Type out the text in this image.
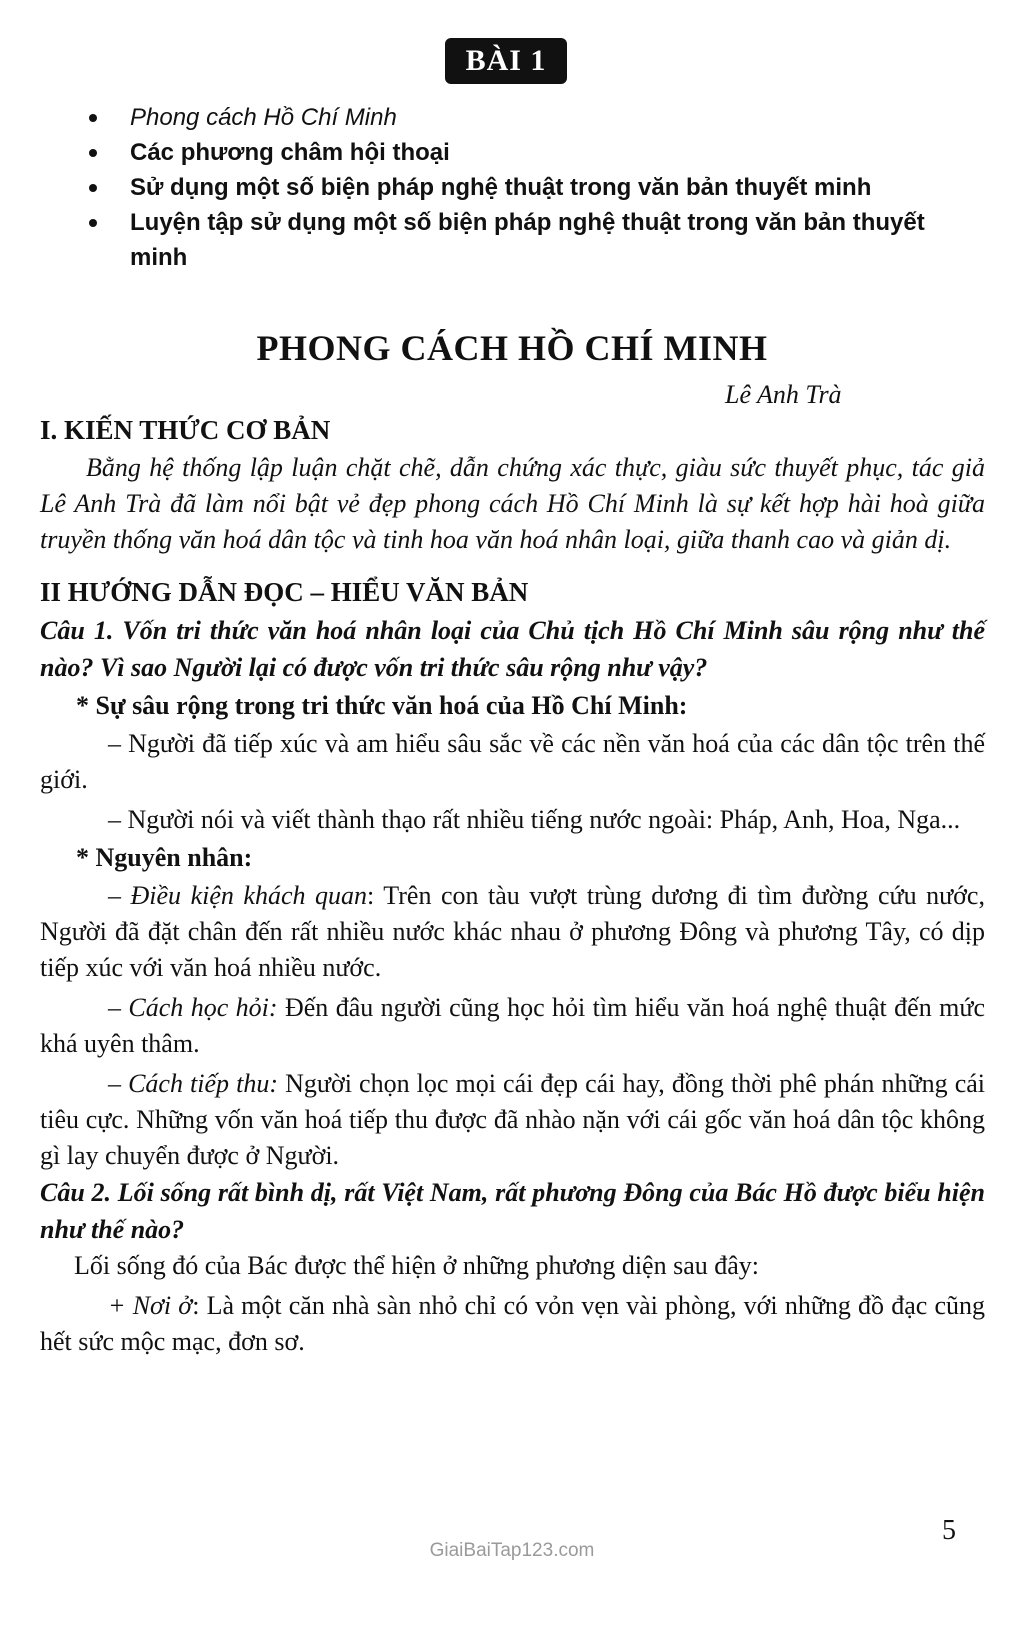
BÀI 1
Phong cách Hồ Chí Minh
Các phương châm hội thoại
Sử dụng một số biện pháp nghệ thuật trong văn bản thuyết minh
Luyện tập sử dụng một số biện pháp nghệ thuật trong văn bản thuyết minh
PHONG CÁCH HỒ CHÍ MINH
Lê Anh Trà

I. KIẾN THỨC CƠ BẢN

Bằng hệ thống lập luận chặt chẽ, dẫn chứng xác thực, giàu sức thuyết phục, tác giả Lê Anh Trà đã làm nổi bật vẻ đẹp phong cách Hồ Chí Minh là sự kết hợp hài hoà giữa truyền thống văn hoá dân tộc và tinh hoa văn hoá nhân loại, giữa thanh cao và giản dị.

II HƯỚNG DẪN ĐỌC – HIỂU VĂN BẢN

Câu 1. Vốn tri thức văn hoá nhân loại của Chủ tịch Hồ Chí Minh sâu rộng như thế nào? Vì sao Người lại có được vốn tri thức sâu rộng như vậy?

* Sự sâu rộng trong tri thức văn hoá của Hồ Chí Minh:

– Người đã tiếp xúc và am hiểu sâu sắc về các nền văn hoá của các dân tộc trên thế giới.

– Người nói và viết thành thạo rất nhiều tiếng nước ngoài: Pháp, Anh, Hoa, Nga...

* Nguyên nhân:

– Điều kiện khách quan: Trên con tàu vượt trùng dương đi tìm đường cứu nước, Người đã đặt chân đến rất nhiều nước khác nhau ở phương Đông và phương Tây, có dịp tiếp xúc với văn hoá nhiều nước.

– Cách học hỏi: Đến đâu người cũng học hỏi tìm hiểu văn hoá nghệ thuật đến mức khá uyên thâm.

– Cách tiếp thu: Người chọn lọc mọi cái đẹp cái hay, đồng thời phê phán những cái tiêu cực. Những vốn văn hoá tiếp thu được đã nhào nặn với cái gốc văn hoá dân tộc không gì lay chuyển được ở Người.

Câu 2. Lối sống rất bình dị, rất Việt Nam, rất phương Đông của Bác Hồ được biểu hiện như thế nào?

Lối sống đó của Bác được thể hiện ở những phương diện sau đây:

+ Nơi ở: Là một căn nhà sàn nhỏ chỉ có vỏn vẹn vài phòng, với những đồ đạc cũng hết sức mộc mạc, đơn sơ.

5
GiaiBaiTap123.com
